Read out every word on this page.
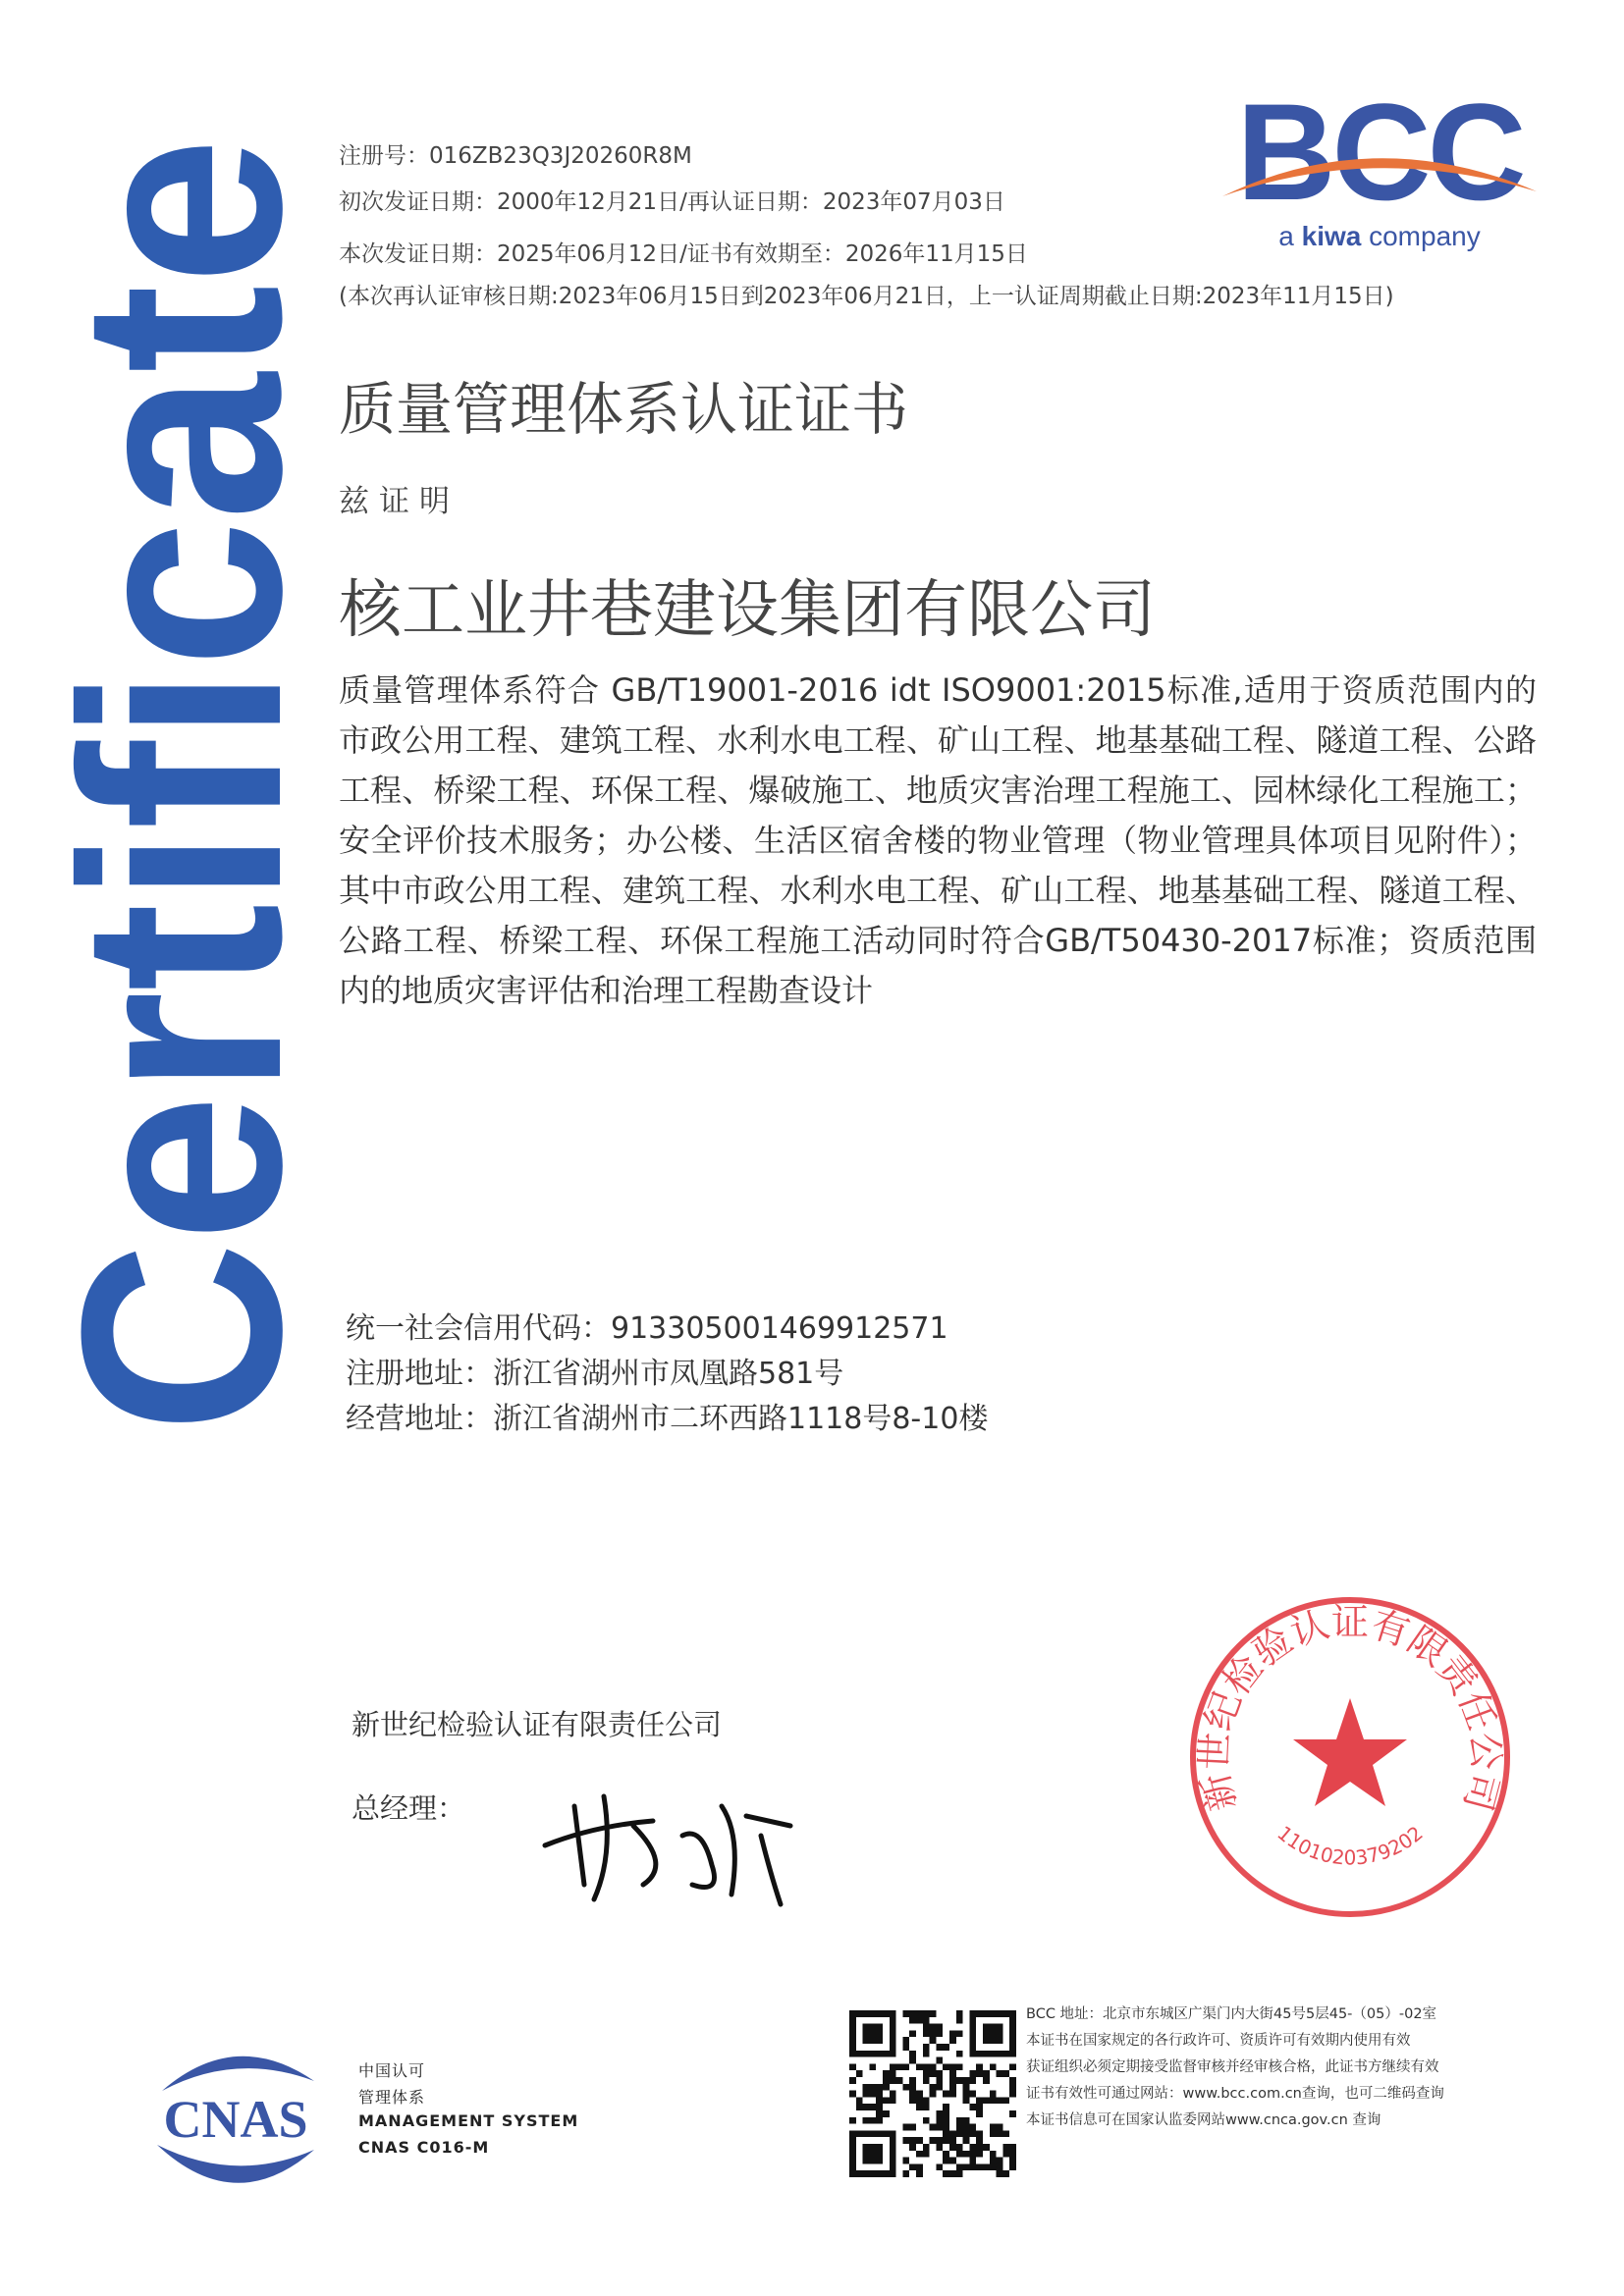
Certificate
注册号：016ZB23Q3J20260R8M
初次发证日期：2000年12月21日/再认证日期：2023年07月03日
本次发证日期：2025年06月12日/证书有效期至：2026年11月15日
(本次再认证审核日期:2023年06月15日到2023年06月21日，上一认证周期截止日期:2023年11月15日)
BCC
a kiwa company
质量管理体系认证证书
兹证明
核工业井巷建设集团有限公司
质量管理体系符合 GB/T19001-2016 idt ISO9001:2015标准,适用于资质范围内的市政公用工程、建筑工程、水利水电工程、矿山工程、地基基础工程、隧道工程、公路工程、桥梁工程、环保工程、爆破施工、地质灾害治理工程施工、园林绿化工程施工；安全评价技术服务；办公楼、生活区宿舍楼的物业管理（物业管理具体项目见附件）；其中市政公用工程、建筑工程、水利水电工程、矿山工程、地基基础工程、隧道工程、公路工程、桥梁工程、环保工程施工活动同时符合GB/T50430-2017标准；资质范围内的地质灾害评估和治理工程勘查设计
统一社会信用代码：913305001469912571
注册地址：浙江省湖州市凤凰路581号
经营地址：浙江省湖州市二环西路1118号8-10楼
新世纪检验认证有限责任公司
总经理：	新世纪检验认证有限责任公司
1101020379202
BCC 地址：北京市东城区广渠门内大街45号5层45-（05）-02室
本证书在国家规定的各行政许可、资质许可有效期内使用有效
获证组织必须定期接受监督审核并经审核合格，此证书方继续有效
证书有效性可通过网站：www.bcc.com.cn查询，也可二维码查询
本证书信息可在国家认监委网站www.cnca.gov.cn 查询
CNAS
中国认可
管理体系
MANAGEMENT SYSTEM
CNAS C016-M
